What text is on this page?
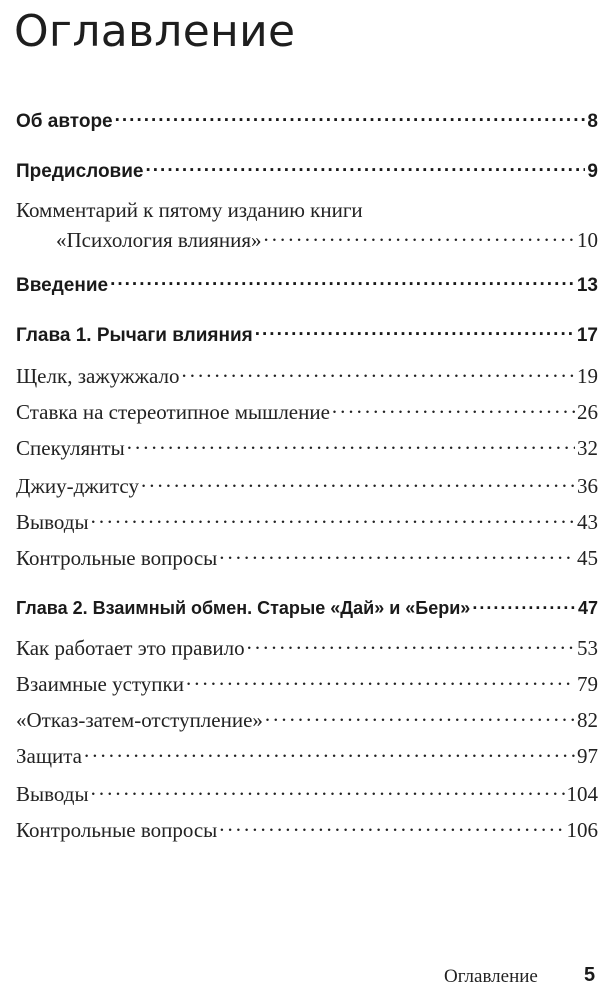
Оглавление
Об авторе .....	8
Предисловие .....	9
Комментарий к пятому изданию книги
«Психология влияния» .....	10
Введение .....	13
Глава 1. Рычаги влияния .....	17
Щелк, зажужжало .....	19
Ставка на стереотипное мышление .....	26
Спекулянты .....	32
Джиу-джитсу .....	36
Выводы .....	43
Контрольные вопросы .....	45
Глава 2. Взаимный обмен. Старые «Дай» и «Бери» .....	47
Как работает это правило .....	53
Взаимные уступки .....	79
«Отказ-затем-отступление» .....	82
Защита .....	97
Выводы .....	104
Контрольные вопросы .....	106
Оглавление 5
